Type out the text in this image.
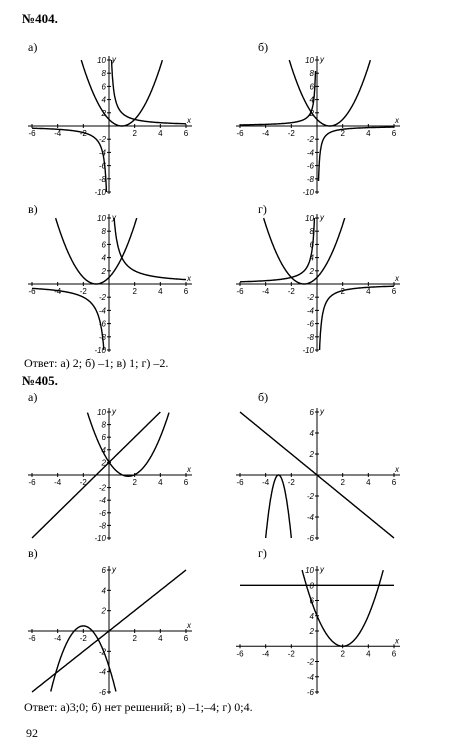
№404.
а)	б)
в)	г)
x
y
-6 -4 -2	2	4	6
-10
-8
-6
-4
-2
2
4
6
8
10
x
y
-6 -4 -2	2	4	6
-10
-8
-6
-4
-2
2
4
6
8
10
x
y
-6 -4 -2	2	4	6
-10
-8
-6
-4
-2
2
4
6
8
10
x
y
-6 -4 -2	2	4	6
-10
-8
-6
-4
-2
2
4
6
8
10
Ответ: а) 2; б) –1; в) 1; г) –2.
№405.
а)	б)
в)	г)
x
y
-6 -4 -2	2	4	6
-10
-8
-6
-4
-2
2
4
6
8
10
x
y
-6 -4 -2	2	4	6
-6
-4
-2
2
4
6
x
y
-6 -4 -2	2	4	6
-6
-4
-2
2
4
6
x
y
-6 -4 -2	2	4	6
-6
-4
-2
2
4
6
8
10
Ответ: а)3;0; б) нет решений; в) –1;–4; г) 0;4.
92
